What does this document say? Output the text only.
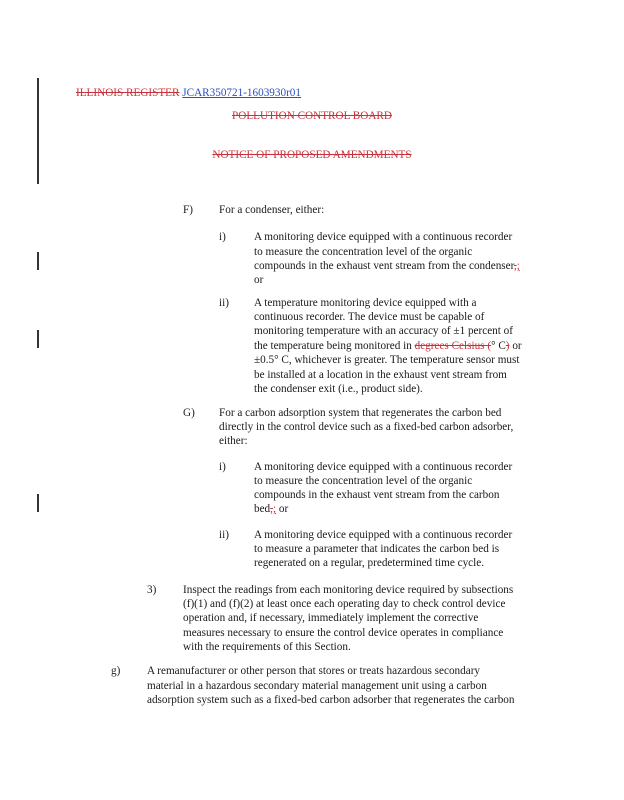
ILLINOIS REGISTER JCAR350721-1603930r01
POLLUTION CONTROL BOARD
NOTICE OF PROPOSED AMENDMENTS
F) For a condenser, either:
i)	A monitoring device equipped with a continuous recorder
to measure the concentration level of the organic
compounds in the exhaust vent stream from the condenser,;
or
ii) A temperature monitoring device equipped with a
continuous recorder. The device must be capable of
monitoring temperature with an accuracy of ±1 percent of
the temperature being monitored in degrees Celsius (° C) or
±0.5° C, whichever is greater. The temperature sensor must
be installed at a location in the exhaust vent stream from
the condenser exit (i.e., product side).
G) For a carbon adsorption system that regenerates the carbon bed
directly in the control device such as a fixed-bed carbon adsorber,
either:
i)	A monitoring device equipped with a continuous recorder
to measure the concentration level of the organic
compounds in the exhaust vent stream from the carbon
bed,; or
ii) A monitoring device equipped with a continuous recorder
to measure a parameter that indicates the carbon bed is
regenerated on a regular, predetermined time cycle.
3) Inspect the readings from each monitoring device required by subsections
(f)(1) and (f)(2) at least once each operating day to check control device
operation and, if necessary, immediately implement the corrective
measures necessary to ensure the control device operates in compliance
with the requirements of this Section.
g) A remanufacturer or other person that stores or treats hazardous secondary
material in a hazardous secondary material management unit using a carbon
adsorption system such as a fixed-bed carbon adsorber that regenerates the carbon
